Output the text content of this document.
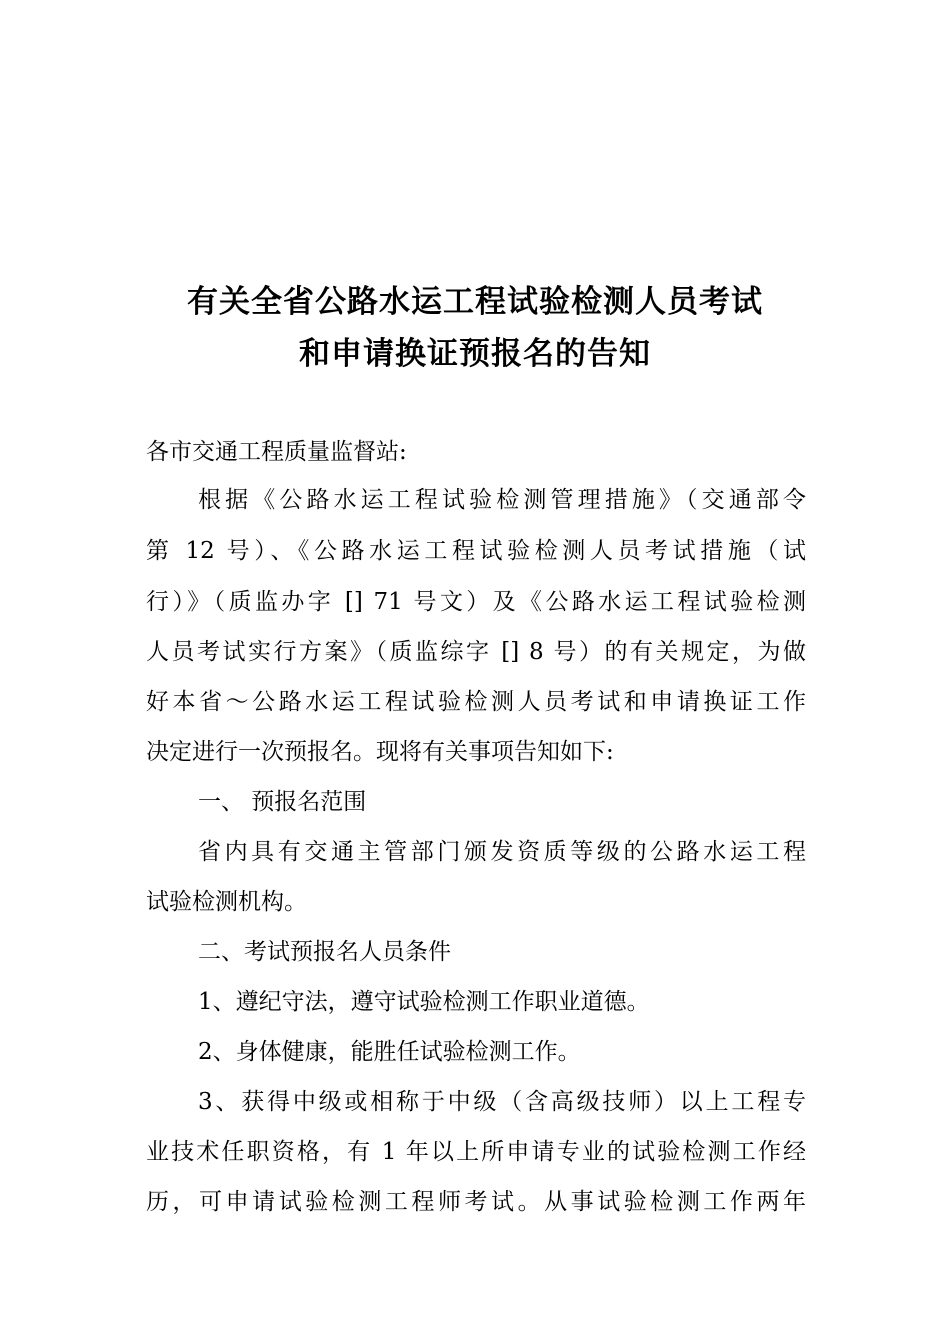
有关全省公路水运工程试验检测人员考试
和申请换证预报名的告知
各市交通工程质量监督站:
根据《公路水运工程试验检测管理措施》（交通部令
第 12 号）、《公路水运工程试验检测人员考试措施（试
行）》（质监办字 [] 71 号文）及《公路水运工程试验检测
人员考试实行方案》（质监综字 [] 8 号）的有关规定，为做
好本省～公路水运工程试验检测人员考试和申请换证工作
决定进行一次预报名。现将有关事项告知如下:
一、 预报名范围
省内具有交通主管部门颁发资质等级的公路水运工程
试验检测机构。
二、考试预报名人员条件
1、遵纪守法，遵守试验检测工作职业道德。
2、身体健康，能胜任试验检测工作。
3、获得中级或相称于中级（含高级技师）以上工程专
业技术任职资格，有 1 年以上所申请专业的试验检测工作经
历，可申请试验检测工程师考试。从事试验检测工作两年
